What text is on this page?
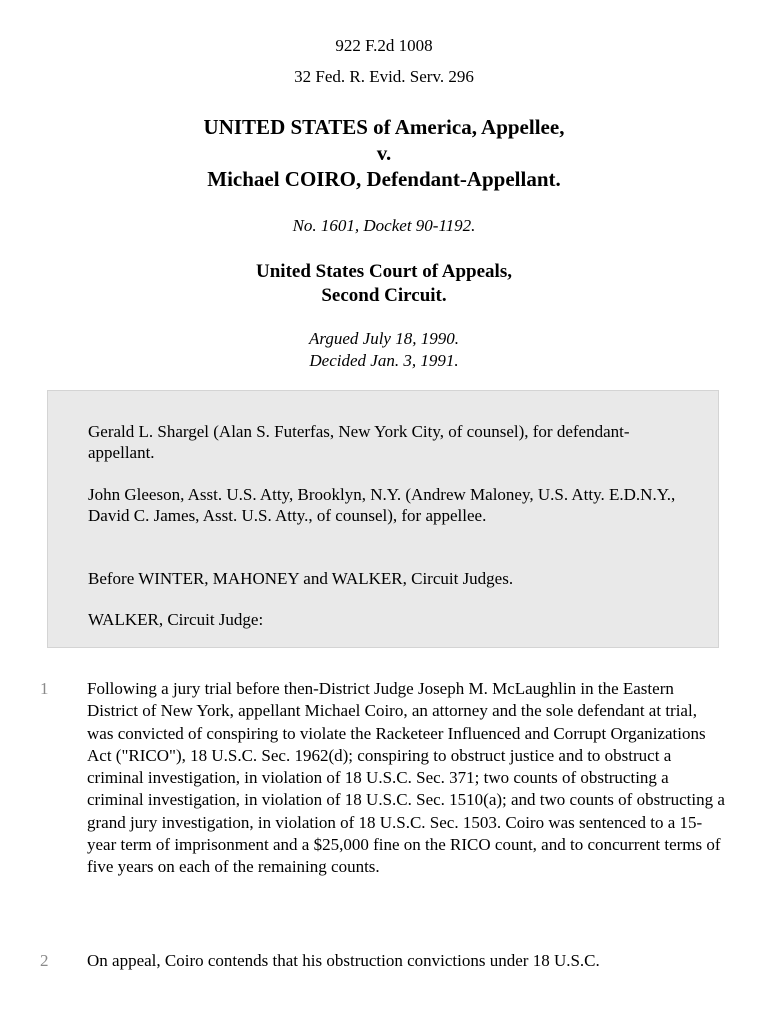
922 F.2d 1008
32 Fed. R. Evid. Serv. 296
UNITED STATES of America, Appellee,
v.
Michael COIRO, Defendant-Appellant.
No. 1601, Docket 90-1192.
United States Court of Appeals,
Second Circuit.
Argued July 18, 1990.
Decided Jan. 3, 1991.

Gerald L. Shargel (Alan S. Futerfas, New York City, of counsel), for defendant-appellant.

John Gleeson, Asst. U.S. Atty, Brooklyn, N.Y. (Andrew Maloney, U.S. Atty. E.D.N.Y., David C. James, Asst. U.S. Atty., of counsel), for appellee.

Before WINTER, MAHONEY and WALKER, Circuit Judges.

WALKER, Circuit Judge:

1	Following a jury trial before then-District Judge Joseph M. McLaughlin in the Eastern District of New York, appellant Michael Coiro, an attorney and the sole defendant at trial, was convicted of conspiring to violate the Racketeer Influenced and Corrupt Organizations Act ("RICO"), 18 U.S.C. Sec. 1962(d); conspiring to obstruct justice and to obstruct a criminal investigation, in violation of 18 U.S.C. Sec. 371; two counts of obstructing a criminal investigation, in violation of 18 U.S.C. Sec. 1510(a); and two counts of obstructing a grand jury investigation, in violation of 18 U.S.C. Sec. 1503. Coiro was sentenced to a 15-year term of imprisonment and a $25,000 fine on the RICO count, and to concurrent terms of five years on each of the remaining counts.

2	On appeal, Coiro contends that his obstruction convictions under 18 U.S.C.
